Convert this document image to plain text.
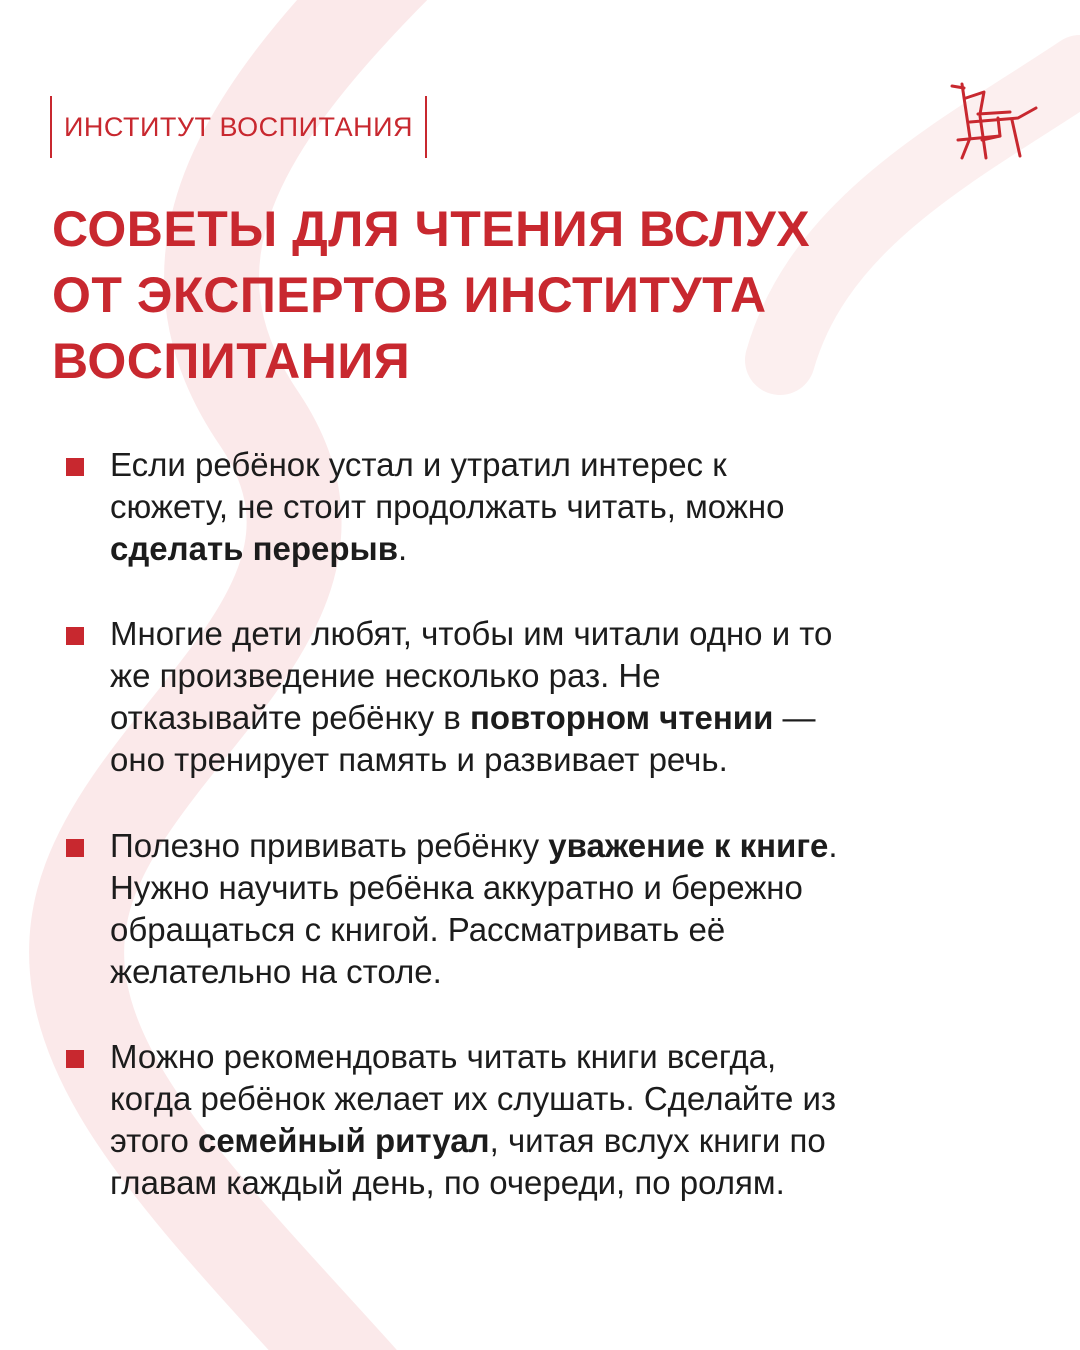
ИНСТИТУТ ВОСПИТАНИЯ
СОВЕТЫ ДЛЯ ЧТЕНИЯ ВСЛУХ
ОТ ЭКСПЕРТОВ ИНСТИТУТА
ВОСПИТАНИЯ
Если ребёнок устал и утратил интерес к
сюжету, не стоит продолжать читать, можно
сделать перерыв.
Многие дети любят, чтобы им читали одно и то
же произведение несколько раз. Не
отказывайте ребёнку в повторном чтении —
оно тренирует память и развивает речь.
Полезно прививать ребёнку уважение к книге.
Нужно научить ребёнка аккуратно и бережно
обращаться с книгой. Рассматривать её
желательно на столе.
Можно рекомендовать читать книги всегда,
когда ребёнок желает их слушать. Сделайте из
этого семейный ритуал, читая вслух книги по
главам каждый день, по очереди, по ролям.
